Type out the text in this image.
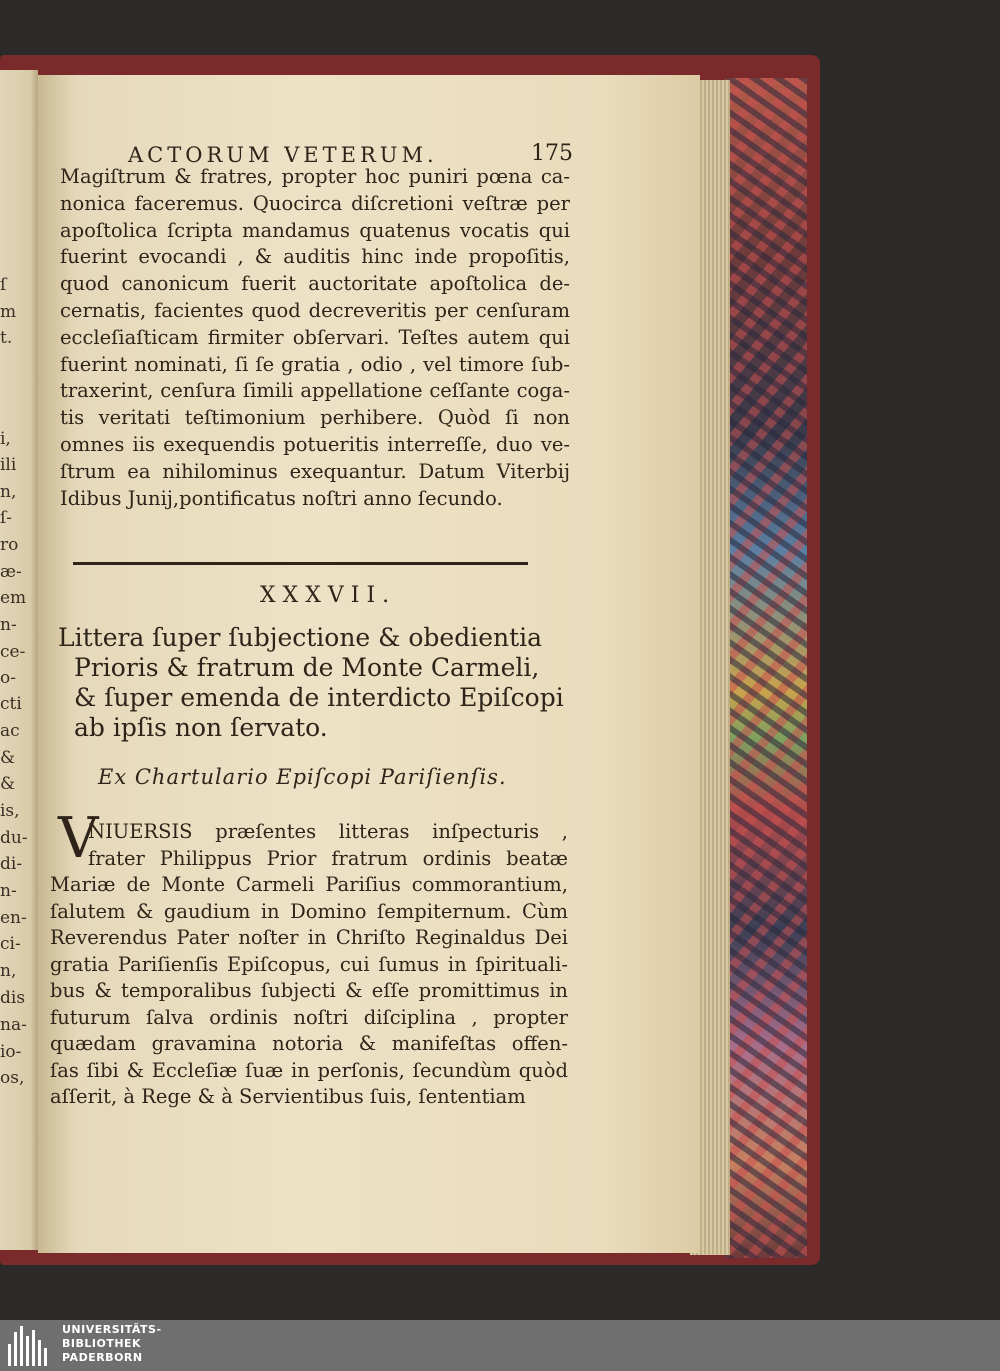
ſ
m
t.
i,
ili
n,
ſ-
ro
æ-
em
n-
ce-
o-
cti
ac
&
&
is,
du-
di-
n-
en-
ci-
n,
dis
na-
io-
os,
ACTORUM VETERUM.	175
Magiſtrum & fratres, propter hoc puniri pœna ca-
nonica faceremus. Quocirca diſcretioni veſtræ per
apoſtolica ſcripta mandamus quatenus vocatis qui
fuerint evocandi , & auditis hinc inde propoſitis,
quod canonicum fuerit auctoritate apoſtolica de-
cernatis, facientes quod decreveritis per cenſuram
eccleſiaſticam firmiter obſervari. Teſtes autem qui
fuerint nominati, ſi ſe gratia , odio , vel timore ſub-
traxerint, cenſura ſimili appellatione ceſſante coga-
tis veritati teſtimonium perhibere. Quòd ſi non
omnes iis exequendis potueritis interreſſe, duo ve-
ſtrum ea nihilominus exequantur. Datum Viterbij
Idibus Junij,pontificatus noſtri anno ſecundo.
XXXVII.
Littera ſuper ſubjectione & obedientia
Prioris & fratrum de Monte Carmeli,
& ſuper emenda de interdicto Epiſcopi
ab ipſis non ſervato.
Ex Chartulario Epiſcopi Pariſienſis.
V
NIUERSIS præſentes litteras inſpecturis ,
frater Philippus Prior fratrum ordinis beatæ
Mariæ de Monte Carmeli Pariſius commorantium,
ſalutem & gaudium in Domino ſempiternum. Cùm
Reverendus Pater noſter in Chriſto Reginaldus Dei
gratia Pariſienſis Epiſcopus, cui ſumus in ſpirituali-
bus & temporalibus ſubjecti & eſſe promittimus in
futurum ſalva ordinis noſtri diſciplina , propter
quædam gravamina notoria & manifeſtas offen-
ſas ſibi & Eccleſiæ ſuæ in perſonis, ſecundùm quòd
aſſerit, à Rege & à Servientibus ſuis, ſententiam
UNIVERSITÄTS-
BIBLIOTHEK
PADERBORN
